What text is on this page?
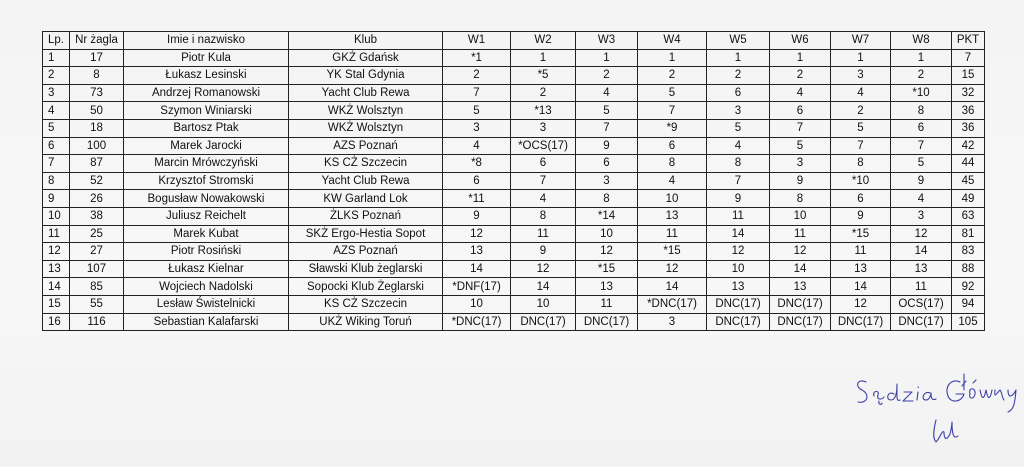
Lp.	Nr żagla	Imie i nazwisko	Klub	W1	W2	W3	W4	W5	W6	W7	W8	PKT
1	17	Piotr Kula	GKŻ Gdańsk	*1	1	1	1	1	1	1	1	7
2	8	Łukasz Lesinski	YK Stal Gdynia	2	*5	2	2	2	2	3	2	15
3	73	Andrzej Romanowski	Yacht Club Rewa	7	2	4	5	6	4	4	*10	32
4	50	Szymon Winiarski	WKŻ Wolsztyn	5	*13	5	7	3	6	2	8	36
5	18	Bartosz Ptak	WKŻ Wolsztyn	3	3	7	*9	5	7	5	6	36
6	100	Marek Jarocki	AZS Poznań	4	*OCS(17)	9	6	4	5	7	7	42
7	87	Marcin Mrówczyński	KS CŻ Szczecin	*8	6	6	8	8	3	8	5	44
8	52	Krzysztof Stromski	Yacht Club Rewa	6	7	3	4	7	9	*10	9	45
9	26	Bogusław Nowakowski	KW Garland Lok	*11	4	8	10	9	8	6	4	49
10	38	Juliusz Reichelt	ŻLKS Poznań	9	8	*14	13	11	10	9	3	63
11	25	Marek Kubat	SKŻ Ergo-Hestia Sopot	12	11	10	11	14	11	*15	12	81
12	27	Piotr Rosiński	AZS Poznań	13	9	12	*15	12	12	11	14	83
13	107	Łukasz Kielnar	Sławski Klub żeglarski	14	12	*15	12	10	14	13	13	88
14	85	Wojciech Nadolski	Sopocki Klub Żeglarski	*DNF(17)	14	13	14	13	13	14	11	92
15	55	Lesław Świstelnicki	KS CŻ Szczecin	10	10	11	*DNC(17)	DNC(17)	DNC(17)	12	OCS(17)	94
16	116	Sebastian Kalafarski	UKŻ Wiking Toruń	*DNC(17)	DNC(17)	DNC(17)	3	DNC(17)	DNC(17)	DNC(17)	DNC(17)	105
